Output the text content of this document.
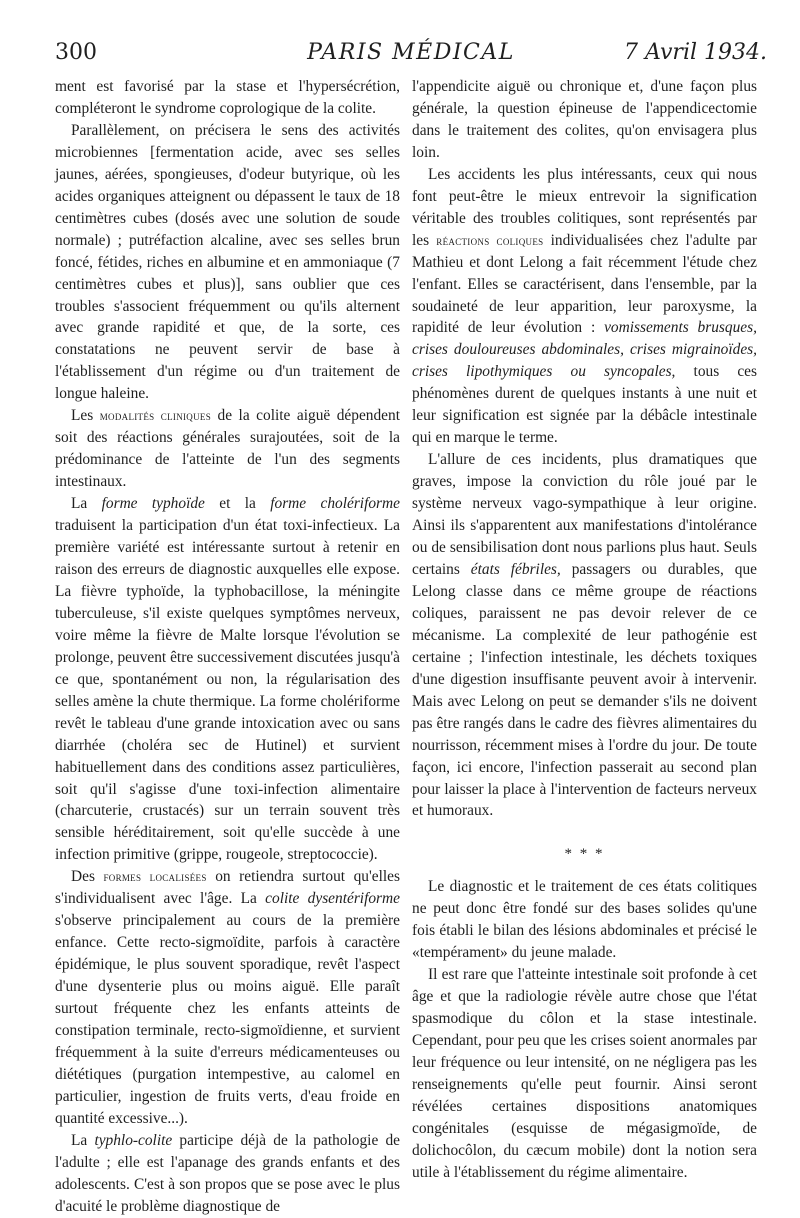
PARIS MÉDICAL
300	7 Avril 1934.

ment est favorisé par la stase et l'hypersécrétion, compléteront le syndrome coprologique de la colite.

Parallèlement, on précisera le sens des activités microbiennes [fermentation acide, avec ses selles jaunes, aérées, spongieuses, d'odeur butyrique, où les acides organiques atteignent ou dépassent le taux de 18 centimètres cubes (dosés avec une solution de soude normale) ; putréfaction alcaline, avec ses selles brun foncé, fétides, riches en albumine et en ammoniaque (7 centimètres cubes et plus)], sans oublier que ces troubles s'associent fréquemment ou qu'ils alternent avec grande rapidité et que, de la sorte, ces constatations ne peuvent servir de base à l'établissement d'un régime ou d'un traitement de longue haleine.

Les modalités cliniques de la colite aiguë dépendent soit des réactions générales surajoutées, soit de la prédominance de l'atteinte de l'un des segments intestinaux.

La forme typhoïde et la forme cholériforme traduisent la participation d'un état toxi-infectieux. La première variété est intéressante surtout à retenir en raison des erreurs de diagnostic auxquelles elle expose. La fièvre typhoïde, la typhobacillose, la méningite tuberculeuse, s'il existe quelques symptômes nerveux, voire même la fièvre de Malte lorsque l'évolution se prolonge, peuvent être successivement discutées jusqu'à ce que, spontanément ou non, la régularisation des selles amène la chute thermique. La forme cholériforme revêt le tableau d'une grande intoxication avec ou sans diarrhée (choléra sec de Hutinel) et survient habituellement dans des conditions assez particulières, soit qu'il s'agisse d'une toxi-infection alimentaire (charcuterie, crustacés) sur un terrain souvent très sensible héréditairement, soit qu'elle succède à une infection primitive (grippe, rougeole, streptococcie).

Des formes localisées on retiendra surtout qu'elles s'individualisent avec l'âge. La colite dysentériforme s'observe principalement au cours de la première enfance. Cette recto-sigmoïdite, parfois à caractère épidémique, le plus souvent sporadique, revêt l'aspect d'une dysenterie plus ou moins aiguë. Elle paraît surtout fréquente chez les enfants atteints de constipation terminale, recto-sigmoïdienne, et survient fréquemment à la suite d'erreurs médicamenteuses ou diététiques (purgation intempestive, au calomel en particulier, ingestion de fruits verts, d'eau froide en quantité excessive...).

La typhlo-colite participe déjà de la pathologie de l'adulte ; elle est l'apanage des grands enfants et des adolescents. C'est à son propos que se pose avec le plus d'acuité le problème diagnostique de

l'appendicite aiguë ou chronique et, d'une façon plus générale, la question épineuse de l'appendicectomie dans le traitement des colites, qu'on envisagera plus loin.

Les accidents les plus intéressants, ceux qui nous font peut-être le mieux entrevoir la signification véritable des troubles colitiques, sont représentés par les réactions coliques individualisées chez l'adulte par Mathieu et dont Lelong a fait récemment l'étude chez l'enfant. Elles se caractérisent, dans l'ensemble, par la soudaineté de leur apparition, leur paroxysme, la rapidité de leur évolution : vomissements brusques, crises douloureuses abdominales, crises migrainoïdes, crises lipothymiques ou syncopales, tous ces phénomènes durent de quelques instants à une nuit et leur signification est signée par la débâcle intestinale qui en marque le terme.

L'allure de ces incidents, plus dramatiques que graves, impose la conviction du rôle joué par le système nerveux vago-sympathique à leur origine. Ainsi ils s'apparentent aux manifestations d'intolérance ou de sensibilisation dont nous parlions plus haut. Seuls certains états fébriles, passagers ou durables, que Lelong classe dans ce même groupe de réactions coliques, paraissent ne pas devoir relever de ce mécanisme. La complexité de leur pathogénie est certaine ; l'infection intestinale, les déchets toxiques d'une digestion insuffisante peuvent avoir à intervenir. Mais avec Lelong on peut se demander s'ils ne doivent pas être rangés dans le cadre des fièvres alimentaires du nourrisson, récemment mises à l'ordre du jour. De toute façon, ici encore, l'infection passerait au second plan pour laisser la place à l'intervention de facteurs nerveux et humoraux.

* * *

Le diagnostic et le traitement de ces états colitiques ne peut donc être fondé sur des bases solides qu'une fois établi le bilan des lésions abdominales et précisé le «tempérament» du jeune malade.

Il est rare que l'atteinte intestinale soit profonde à cet âge et que la radiologie révèle autre chose que l'état spasmodique du côlon et la stase intestinale. Cependant, pour peu que les crises soient anormales par leur fréquence ou leur intensité, on ne négligera pas les renseignements qu'elle peut fournir. Ainsi seront révélées certaines dispositions anatomiques congénitales (esquisse de mégasigmoïde, de dolichocôlon, du cæcum mobile) dont la notion sera utile à l'établissement du régime alimentaire.
